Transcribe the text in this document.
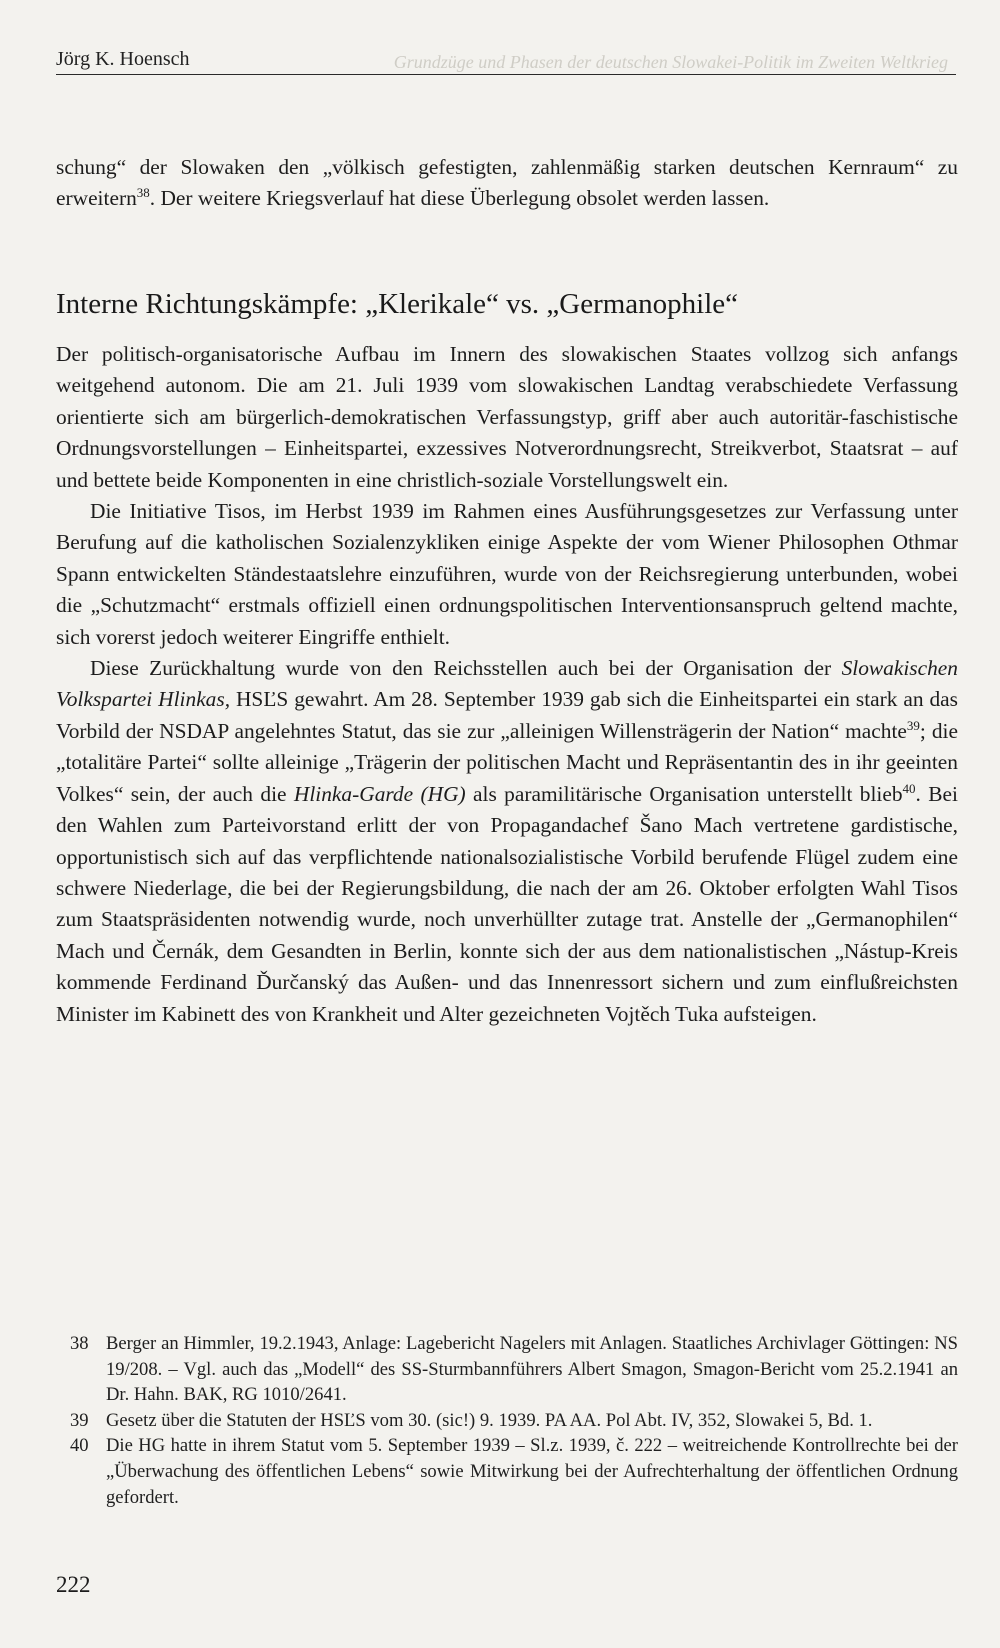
Jörg K. Hoensch	Grundzüge und Phasen der deutschen Slowakei-Politik im Zweiten Weltkrieg

schung“ der Slowaken den „völkisch gefestigten, zahlenmäßig starken deutschen Kernraum“ zu erweitern$^{38}$. Der weitere Kriegsverlauf hat diese Überlegung obsolet werden lassen.

Interne Richtungskämpfe: „Klerikale“ vs. „Germanophile“

Der politisch-organisatorische Aufbau im Innern des slowakischen Staates vollzog sich anfangs weitgehend autonom. Die am 21. Juli 1939 vom slowakischen Landtag verabschiedete Verfassung orientierte sich am bürgerlich-demokratischen Verfassungstyp, griff aber auch autoritär-faschistische Ordnungsvorstellungen – Einheitspartei, exzessives Notverordnungsrecht, Streikverbot, Staatsrat – auf und bettete beide Komponenten in eine christlich-soziale Vorstellungswelt ein.

Die Initiative Tisos, im Herbst 1939 im Rahmen eines Ausführungsgesetzes zur Verfassung unter Berufung auf die katholischen Sozialenzykliken einige Aspekte der vom Wiener Philosophen Othmar Spann entwickelten Ständestaatslehre einzuführen, wurde von der Reichsregierung unterbunden, wobei die „Schutzmacht“ erstmals offiziell einen ordnungspolitischen Interventionsanspruch geltend machte, sich vorerst jedoch weiterer Eingriffe enthielt.

Diese Zurückhaltung wurde von den Reichsstellen auch bei der Organisation der Slowakischen Volkspartei Hlinkas, HSĽS gewahrt. Am 28. September 1939 gab sich die Einheitspartei ein stark an das Vorbild der NSDAP angelehntes Statut, das sie zur „alleinigen Willensträgerin der Nation“ machte$^{39}$; die „totalitäre Partei“ sollte alleinige „Trägerin der politischen Macht und Repräsentantin des in ihr geeinten Volkes“ sein, der auch die Hlinka-Garde (HG) als paramilitärische Organisation unterstellt blieb$^{40}$. Bei den Wahlen zum Parteivorstand erlitt der von Propagandachef Šano Mach vertretene gardistische, opportunistisch sich auf das verpflichtende nationalsozialistische Vorbild berufende Flügel zudem eine schwere Niederlage, die bei der Regierungsbildung, die nach der am 26. Oktober erfolgten Wahl Tisos zum Staatspräsidenten notwendig wurde, noch unverhüllter zutage trat. Anstelle der „Germanophilen“ Mach und Černák, dem Gesandten in Berlin, konnte sich der aus dem nationalistischen „Nástup-Kreis kommende Ferdinand Ďurčanský das Außen- und das Innenressort sichern und zum einflußreichsten Minister im Kabinett des von Krankheit und Alter gezeichneten Vojtěch Tuka aufsteigen.

38 Berger an Himmler, 19.2.1943, Anlage: Lagebericht Nagelers mit Anlagen. Staatliches Archivlager Göttingen: NS 19/208. – Vgl. auch das „Modell“ des SS-Sturmbannführers Albert Smagon, Smagon-Bericht vom 25.2.1941 an Dr. Hahn. BAK, RG 1010/2641.
39 Gesetz über die Statuten der HSĽS vom 30. (sic!) 9. 1939. PA AA. Pol Abt. IV, 352, Slowakei 5, Bd. 1.
40 Die HG hatte in ihrem Statut vom 5. September 1939 – Sl.z. 1939, č. 222 – weitreichende Kontrollrechte bei der „Überwachung des öffentlichen Lebens“ sowie Mitwirkung bei der Aufrechterhaltung der öffentlichen Ordnung gefordert.
222
